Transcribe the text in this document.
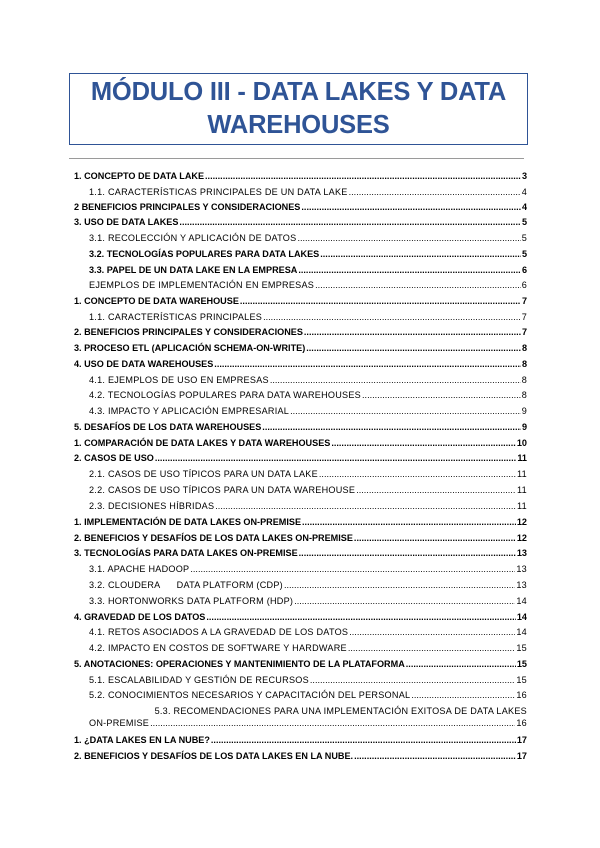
MÓDULO III - DATA LAKES Y DATA
WAREHOUSES
1. CONCEPTO DE DATA LAKE .....	3
1.1. CARACTERÍSTICAS PRINCIPALES DE UN DATA LAKE .....	4
2 BENEFICIOS PRINCIPALES Y CONSIDERACIONES .....	4
3. USO DE DATA LAKES .....	5
3.1. RECOLECCIÓN Y APLICACIÓN DE DATOS .....	5
3.2. TECNOLOGÍAS POPULARES PARA DATA LAKES .....	5
3.3. PAPEL DE UN DATA LAKE EN LA EMPRESA .....	6
EJEMPLOS DE IMPLEMENTACIÓN EN EMPRESAS .....	6
1. CONCEPTO DE DATA WAREHOUSE .....	7
1.1. CARACTERÍSTICAS PRINCIPALES .....	7
2. BENEFICIOS PRINCIPALES Y CONSIDERACIONES .....	7
3. PROCESO ETL (APLICACIÓN SCHEMA-ON-WRITE) .....	8
4. USO DE DATA WAREHOUSES .....	8
4.1. EJEMPLOS DE USO EN EMPRESAS .....	8
4.2. TECNOLOGÍAS POPULARES PARA DATA WAREHOUSES .....	8
4.3. IMPACTO Y APLICACIÓN EMPRESARIAL .....	9
5. DESAFÍOS DE LOS DATA WAREHOUSES .....	9
1. COMPARACIÓN DE DATA LAKES Y DATA WAREHOUSES .....	10
2. CASOS DE USO .....	11
2.1. CASOS DE USO TÍPICOS PARA UN DATA LAKE .....	11
2.2. CASOS DE USO TÍPICOS PARA UN DATA WAREHOUSE .....	11
2.3. DECISIONES HÍBRIDAS .....	11
1. IMPLEMENTACIÓN DE DATA LAKES ON-PREMISE .....	12
2. BENEFICIOS Y DESAFÍOS DE LOS DATA LAKES ON-PREMISE .....	12
3. TECNOLOGÍAS PARA DATA LAKES ON-PREMISE .....	13
3.1. APACHE HADOOP .....	13
3.2. CLOUDERA      DATA PLATFORM (CDP) .....	13
3.3. HORTONWORKS DATA PLATFORM (HDP) .....	14
4. GRAVEDAD DE LOS DATOS .....	14
4.1. RETOS ASOCIADOS A LA GRAVEDAD DE LOS DATOS .....	14
4.2. IMPACTO EN COSTOS DE SOFTWARE Y HARDWARE .....	15
5. ANOTACIONES: OPERACIONES Y MANTENIMIENTO DE LA PLATAFORMA .....	15
5.1. ESCALABILIDAD Y GESTIÓN DE RECURSOS .....	15
5.2. CONOCIMIENTOS NECESARIOS Y CAPACITACIÓN DEL PERSONAL .....	16
5.3. RECOMENDACIONES PARA UNA IMPLEMENTACIÓN EXITOSA DE DATA LAKES
ON-PREMISE .....	16
1. ¿DATA LAKES EN LA NUBE? .....	17
2. BENEFICIOS Y DESAFÍOS DE LOS DATA LAKES EN LA NUBE. .....	17
